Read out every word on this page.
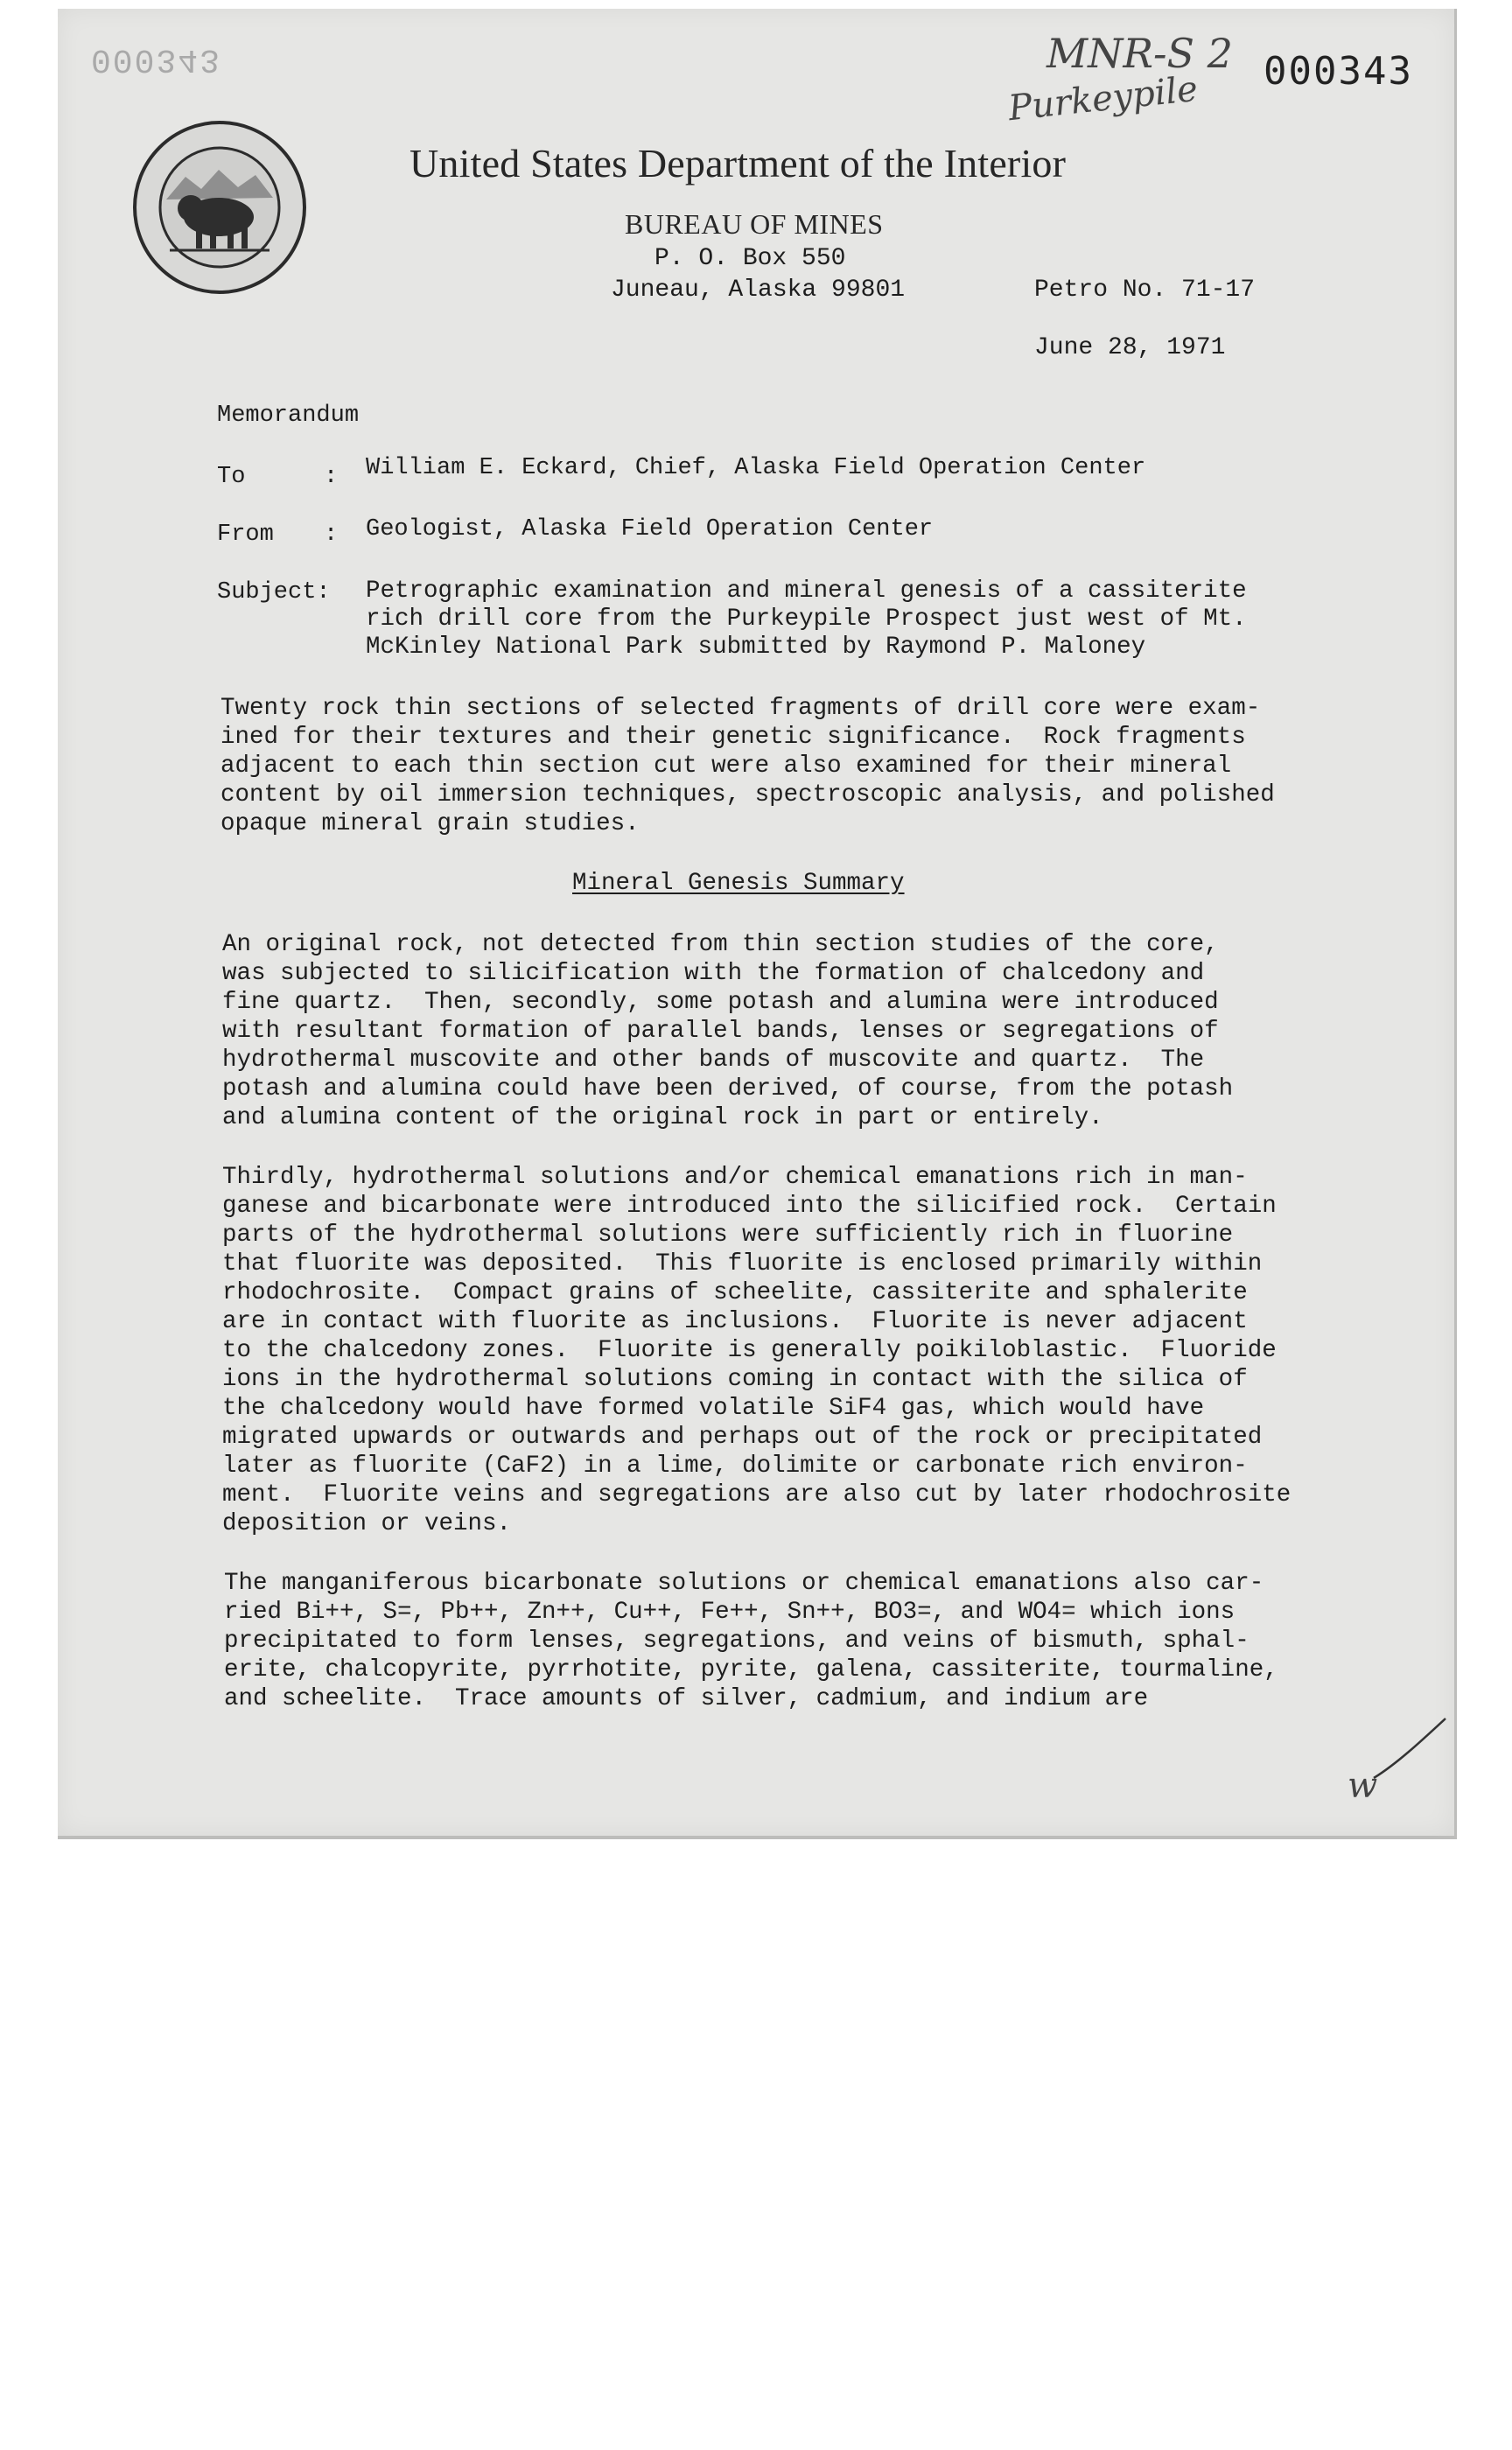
000343	MNR-S 2
Purkeypile 000343
United States Department of the Interior
BUREAU OF MINES
P. O. Box 550
Juneau, Alaska 99801	Petro No. 71-17
June 28, 1971
Memorandum
To	: William E. Eckard, Chief, Alaska Field Operation Center
From : Geologist, Alaska Field Operation Center
Subject: Petrographic examination and mineral genesis of a cassiterite
rich drill core from the Purkeypile Prospect just west of Mt.
McKinley National Park submitted by Raymond P. Maloney
Twenty rock thin sections of selected fragments of drill core were exam-
ined for their textures and their genetic significance.  Rock fragments
adjacent to each thin section cut were also examined for their mineral
content by oil immersion techniques, spectroscopic analysis, and polished
opaque mineral grain studies.
Mineral Genesis Summary
An original rock, not detected from thin section studies of the core,
was subjected to silicification with the formation of chalcedony and
fine quartz.  Then, secondly, some potash and alumina were introduced
with resultant formation of parallel bands, lenses or segregations of
hydrothermal muscovite and other bands of muscovite and quartz.  The
potash and alumina could have been derived, of course, from the potash
and alumina content of the original rock in part or entirely.
Thirdly, hydrothermal solutions and/or chemical emanations rich in man-
ganese and bicarbonate were introduced into the silicified rock.  Certain
parts of the hydrothermal solutions were sufficiently rich in fluorine
that fluorite was deposited.  This fluorite is enclosed primarily within
rhodochrosite.  Compact grains of scheelite, cassiterite and sphalerite
are in contact with fluorite as inclusions.  Fluorite is never adjacent
to the chalcedony zones.  Fluorite is generally poikiloblastic.  Fluoride
ions in the hydrothermal solutions coming in contact with the silica of
the chalcedony would have formed volatile SiF4 gas, which would have
migrated upwards or outwards and perhaps out of the rock or precipitated
later as fluorite (CaF2) in a lime, dolimite or carbonate rich environ-
ment.  Fluorite veins and segregations are also cut by later rhodochrosite
deposition or veins.
The manganiferous bicarbonate solutions or chemical emanations also car-
ried Bi++, S=, Pb++, Zn++, Cu++, Fe++, Sn++, BO3=, and WO4= which ions
precipitated to form lenses, segregations, and veins of bismuth, sphal-
erite, chalcopyrite, pyrrhotite, pyrite, galena, cassiterite, tourmaline,
and scheelite.  Trace amounts of silver, cadmium, and indium are
w
